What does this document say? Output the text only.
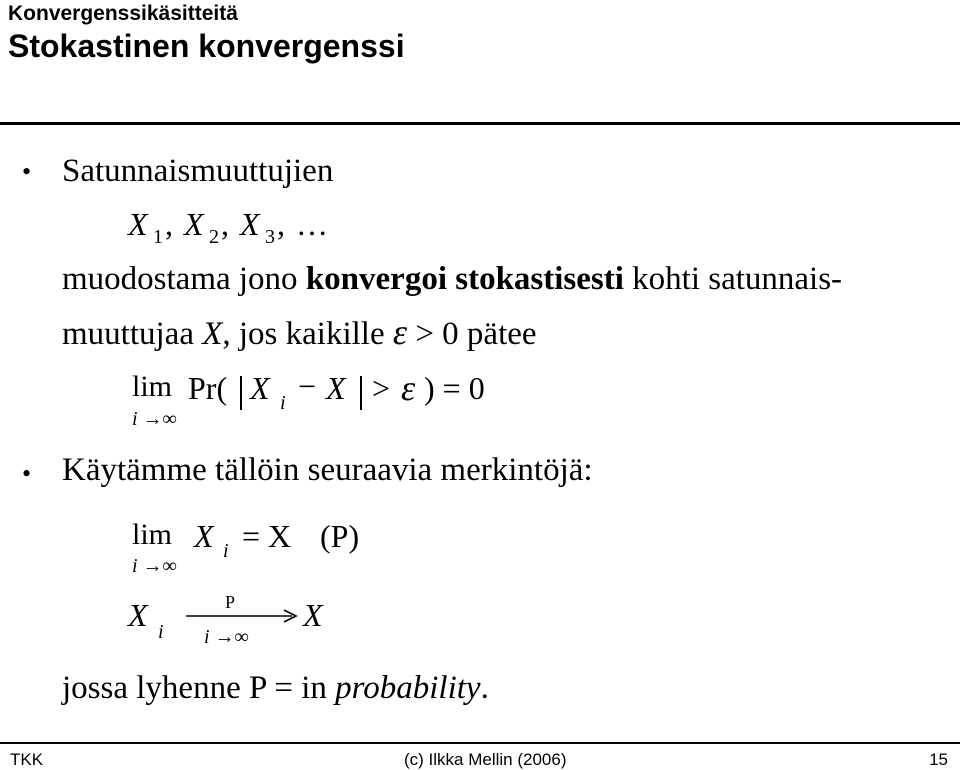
Konvergenssikäsitteitä
Stokastinen konvergenssi
• Satunnaismuuttujien
X 1 , X 2 , X 3 , …
muodostama jono konvergoi stokastisesti kohti satunnais-
muuttujaa X, jos kaikille ε > 0 pätee
lim
i →∞
Pr( X i − X > ε ) = 0
• Käytämme tällöin seuraavia merkintöjä:
lim
i →∞
X i = X (P)
X i
P
i →∞
X
jossa lyhenne P = in probability.
TKK	(c) Ilkka Mellin (2006)	15
